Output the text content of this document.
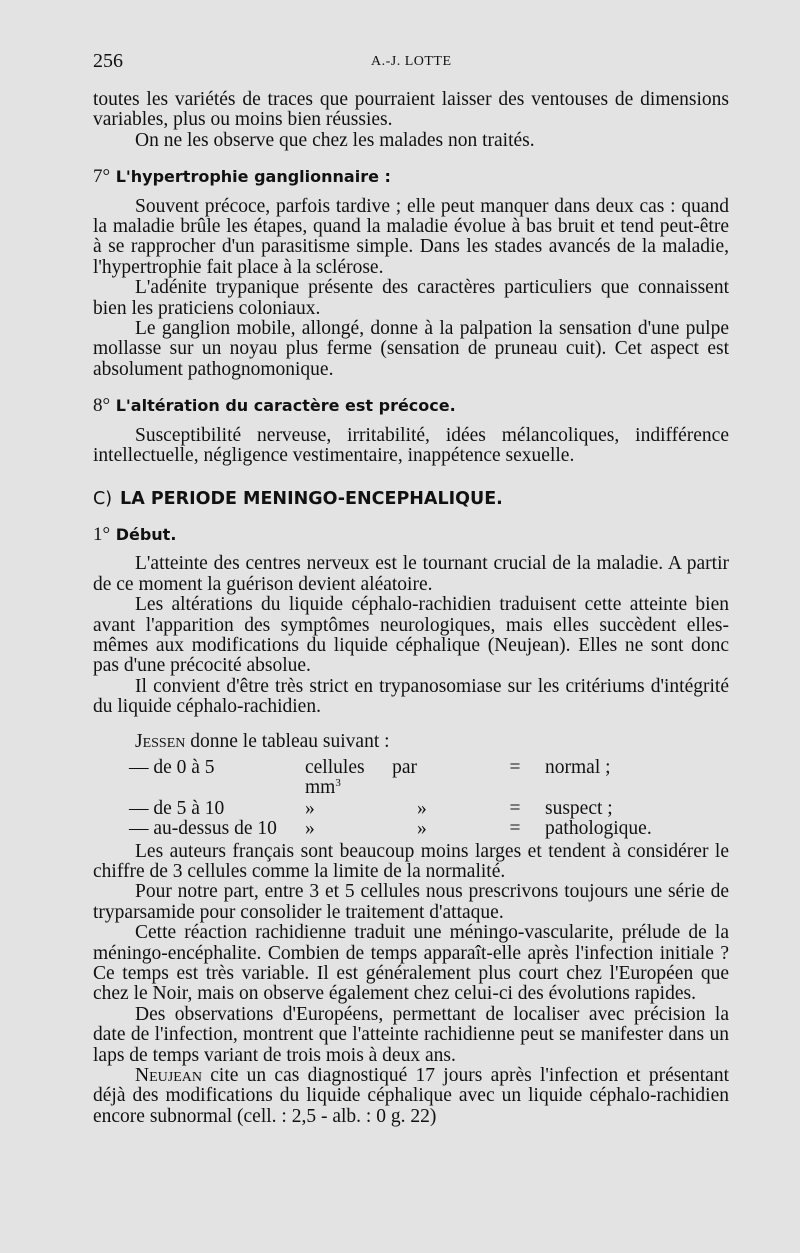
256	A.-J. LOTTE

toutes les variétés de traces que pourraient laisser des ventouses de dimensions variables, plus ou moins bien réussies.

On ne les observe que chez les malades non traités.

7° L'hypertrophie ganglionnaire :

Souvent précoce, parfois tardive ; elle peut manquer dans deux cas : quand la maladie brûle les étapes, quand la maladie évolue à bas bruit et tend peut-être à se rapprocher d'un parasitisme simple. Dans les stades avancés de la maladie, l'hypertrophie fait place à la sclérose.

L'adénite trypanique présente des caractères particuliers que connaissent bien les praticiens coloniaux.

Le ganglion mobile, allongé, donne à la palpation la sensation d'une pulpe mollasse sur un noyau plus ferme (sensation de pruneau cuit). Cet aspect est absolument pathognomonique.

8° L'altération du caractère est précoce.

Susceptibilité nerveuse, irritabilité, idées mélancoliques, indifférence intellectuelle, négligence vestimentaire, inappétence sexuelle.

C) LA PERIODE MENINGO-ENCEPHALIQUE.

1° Début.

L'atteinte des centres nerveux est le tournant crucial de la maladie. A partir de ce moment la guérison devient aléatoire.

Les altérations du liquide céphalo-rachidien traduisent cette atteinte bien avant l'apparition des symptômes neurologiques, mais elles succèdent elles-mêmes aux modifications du liquide céphalique (Neujean). Elles ne sont donc pas d'une précocité absolue.

Il convient d'être très strict en trypanosomiase sur les critériums d'intégrité du liquide céphalo-rachidien.

Jessen donne le tableau suivant :

— de 0 à 5	cellules par $mm^3$		=	normal ;
— de 5 à 10	»	»	=	suspect ;
— au-dessus de 10	»	»	=	pathologique.

Les auteurs français sont beaucoup moins larges et tendent à considérer le chiffre de 3 cellules comme la limite de la normalité.

Pour notre part, entre 3 et 5 cellules nous prescrivons toujours une série de tryparsamide pour consolider le traitement d'attaque.

Cette réaction rachidienne traduit une méningo-vascularite, prélude de la méningo-encéphalite. Combien de temps apparaît-elle après l'infection initiale ? Ce temps est très variable. Il est généralement plus court chez l'Européen que chez le Noir, mais on observe également chez celui-ci des évolutions rapides.

Des observations d'Européens, permettant de localiser avec précision la date de l'infection, montrent que l'atteinte rachidienne peut se manifester dans un laps de temps variant de trois mois à deux ans.

Neujean cite un cas diagnostiqué 17 jours après l'infection et présentant déjà des modifications du liquide céphalique avec un liquide céphalo-rachidien encore subnormal (cell. : 2,5 - alb. : 0 g. 22)
